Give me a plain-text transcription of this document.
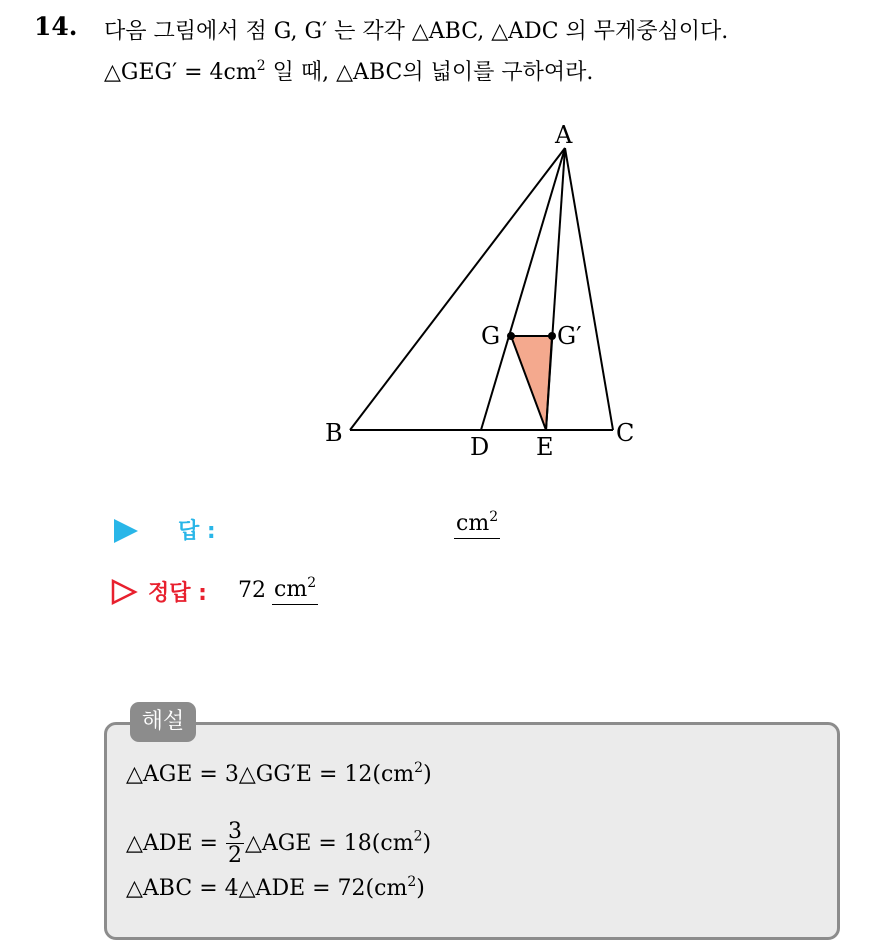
14. 다음 그림에서 점 G, G′ 는 각각 △ABC, △ADC 의 무게중심이다.
△GEG′ = $4cm^2$ 일 때, △ABC의 넓이를 구하여라.
A
B	C
D E
G G′
답 :	$cm^2$
정답 : 72 $cm^2$
해설
△AGE = 3△GG′E = $12(cm^2)$
△ADE = $\frac{3}{2}$ △AGE = $18(cm^2)$
△ABC = 4△ADE = $72(cm^2)$
